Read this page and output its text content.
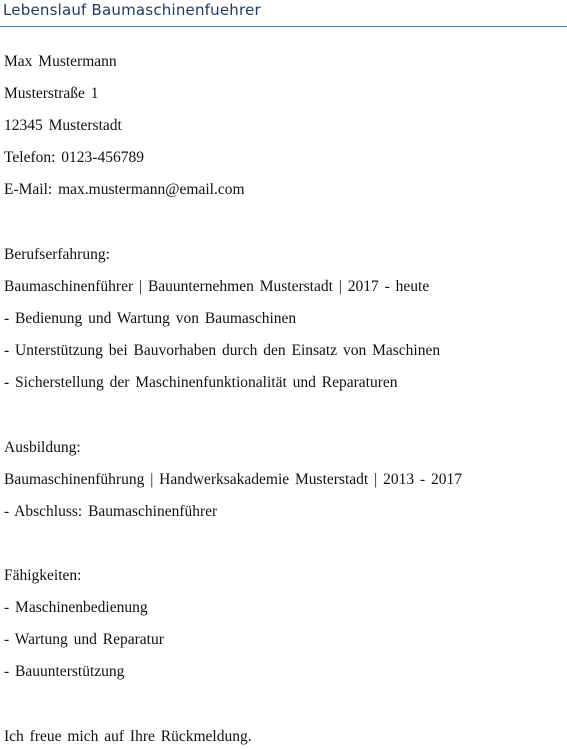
Lebenslauf Baumaschinenfuehrer
Max Mustermann
Musterstraße 1
12345 Musterstadt
Telefon: 0123-456789
E-Mail: max.mustermann@email.com
Berufserfahrung:
Baumaschinenführer | Bauunternehmen Musterstadt | 2017 - heute
- Bedienung und Wartung von Baumaschinen
- Unterstützung bei Bauvorhaben durch den Einsatz von Maschinen
- Sicherstellung der Maschinenfunktionalität und Reparaturen
Ausbildung:
Baumaschinenführung | Handwerksakademie Musterstadt | 2013 - 2017
- Abschluss: Baumaschinenführer
Fähigkeiten:
- Maschinenbedienung
- Wartung und Reparatur
- Bauunterstützung
Ich freue mich auf Ihre Rückmeldung.
